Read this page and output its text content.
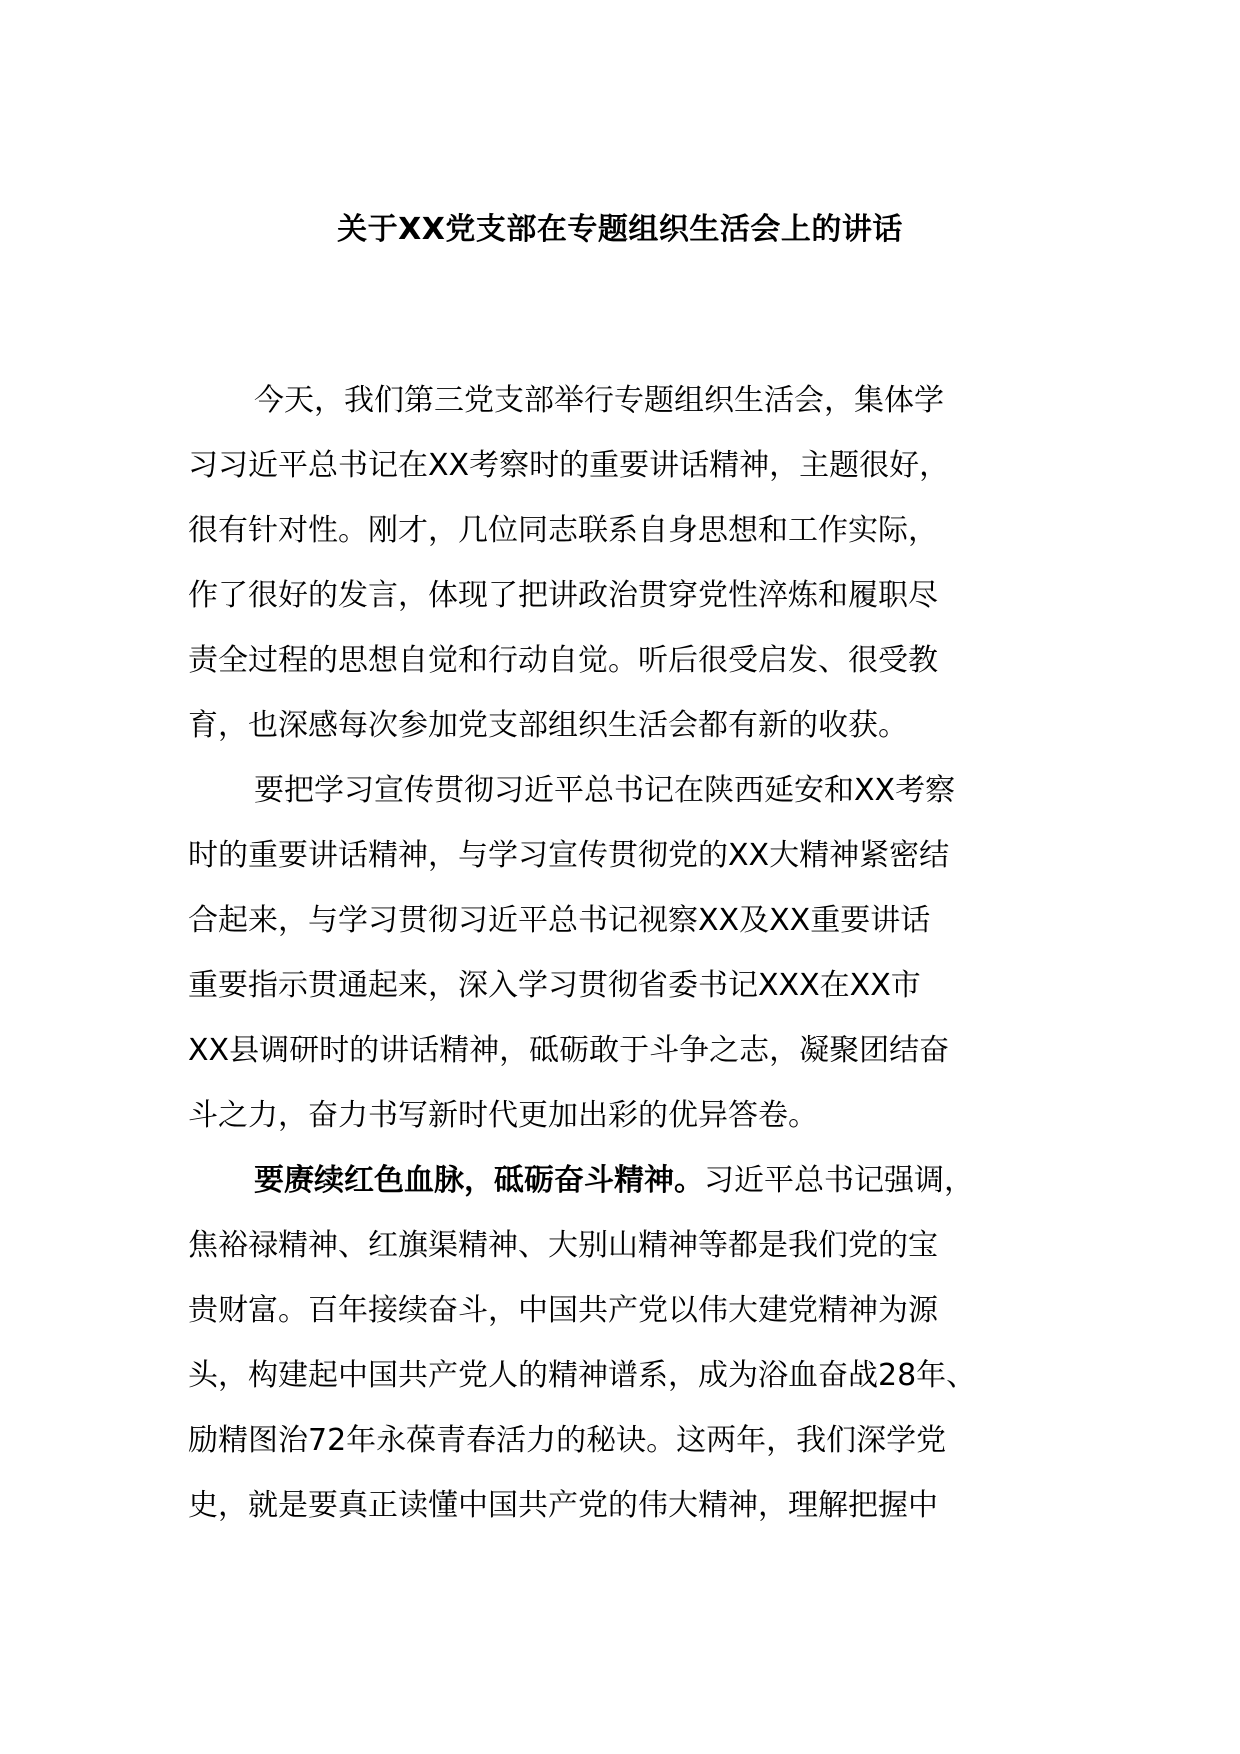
关于XX党支部在专题组织生活会上的讲话
今天，我们第三党支部举行专题组织生活会，集体学
习习近平总书记在XX考察时的重要讲话精神，主题很好，
很有针对性。刚才，几位同志联系自身思想和工作实际，
作了很好的发言，体现了把讲政治贯穿党性淬炼和履职尽
责全过程的思想自觉和行动自觉。听后很受启发、很受教
育，也深感每次参加党支部组织生活会都有新的收获。
要把学习宣传贯彻习近平总书记在陕西延安和XX考察
时的重要讲话精神，与学习宣传贯彻党的XX大精神紧密结
合起来，与学习贯彻习近平总书记视察XX及XX重要讲话
重要指示贯通起来，深入学习贯彻省委书记XXX在XX市
XX县调研时的讲话精神，砥砺敢于斗争之志，凝聚团结奋
斗之力，奋力书写新时代更加出彩的优异答卷。
要赓续红色血脉，砥砺奋斗精神。习近平总书记强调，
焦裕禄精神、红旗渠精神、大别山精神等都是我们党的宝
贵财富。百年接续奋斗，中国共产党以伟大建党精神为源
头，构建起中国共产党人的精神谱系，成为浴血奋战28年、
励精图治72年永葆青春活力的秘诀。这两年，我们深学党
史，就是要真正读懂中国共产党的伟大精神，理解把握中
